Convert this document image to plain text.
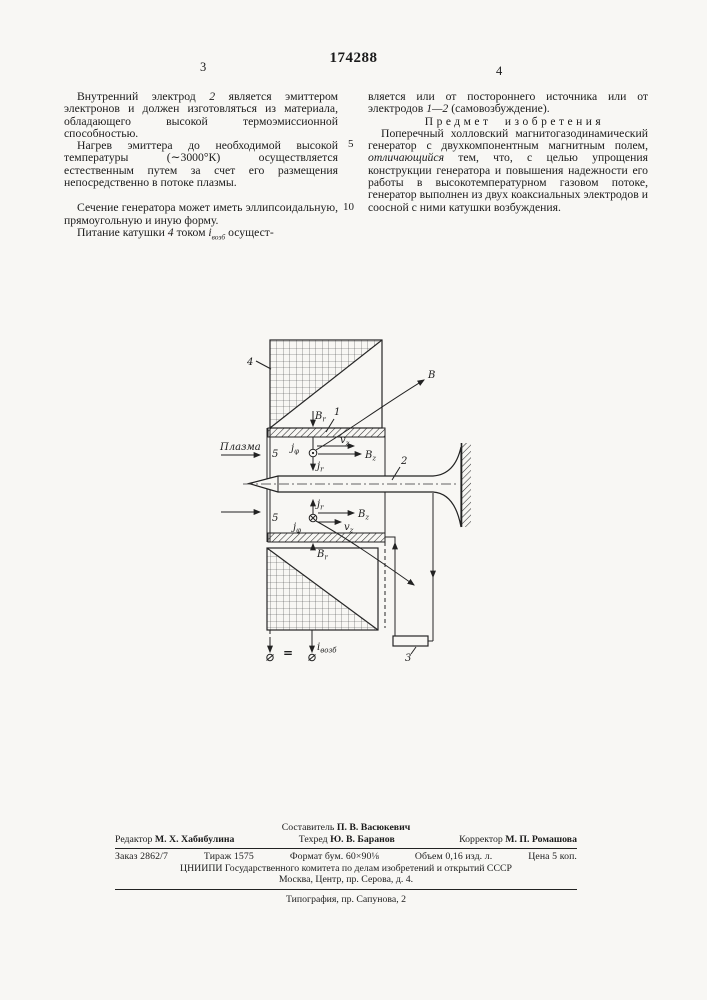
174288
3	4

Внутренний электрод 2 является эмиттером электронов и должен изготовляться из материала, обладающего высокой термоэмиссионной способностью.

Нагрев эмиттера до необходимой высокой температуры (∼3000°К) осуществляется естественным путем за счет его размещения непосредственно в потоке плазмы.

Сечение генератора может иметь эллипсоидальную, прямоугольную и иную форму.

Питание катушки 4 током $i_{возб}$ осущест-

вляется или от постороннего источника или от электродов 1—2 (самовозбуждение).

Предмет изобретения

Поперечный холловский магнитогазодинамический генератор с двухкомпонентным магнитным полем, отличающийся тем, что, с целью упрощения конструкции генератора и повышения надежности его работы в высокотемпературном газовом потоке, генератор выполнен из двух коаксиальных электродов и соосной с ними катушки возбуждения.

5
10
3
Плазма
4
$B_r$
$j_\varphi$
$v_z$
$B_z$
$j_r$
5
1
B
2
$j_r$
$j_\varphi$
$B_z$
$v_z$
$B_r$
5
= $i_{возб}$
Составитель П. В. Васюкевич
Редактор М. Х. Хабибулина	Техред Ю. В. Баранов	Корректор М. П. Ромашова
Заказ 2862/7	Тираж 1575	Формат бум. 60×90⅛	Объем 0,16 изд. л.	Цена 5 коп.
ЦНИИПИ Государственного комитета по делам изобретений и открытий СССР
Москва, Центр, пр. Серова, д. 4.
Типография, пр. Сапунова, 2
